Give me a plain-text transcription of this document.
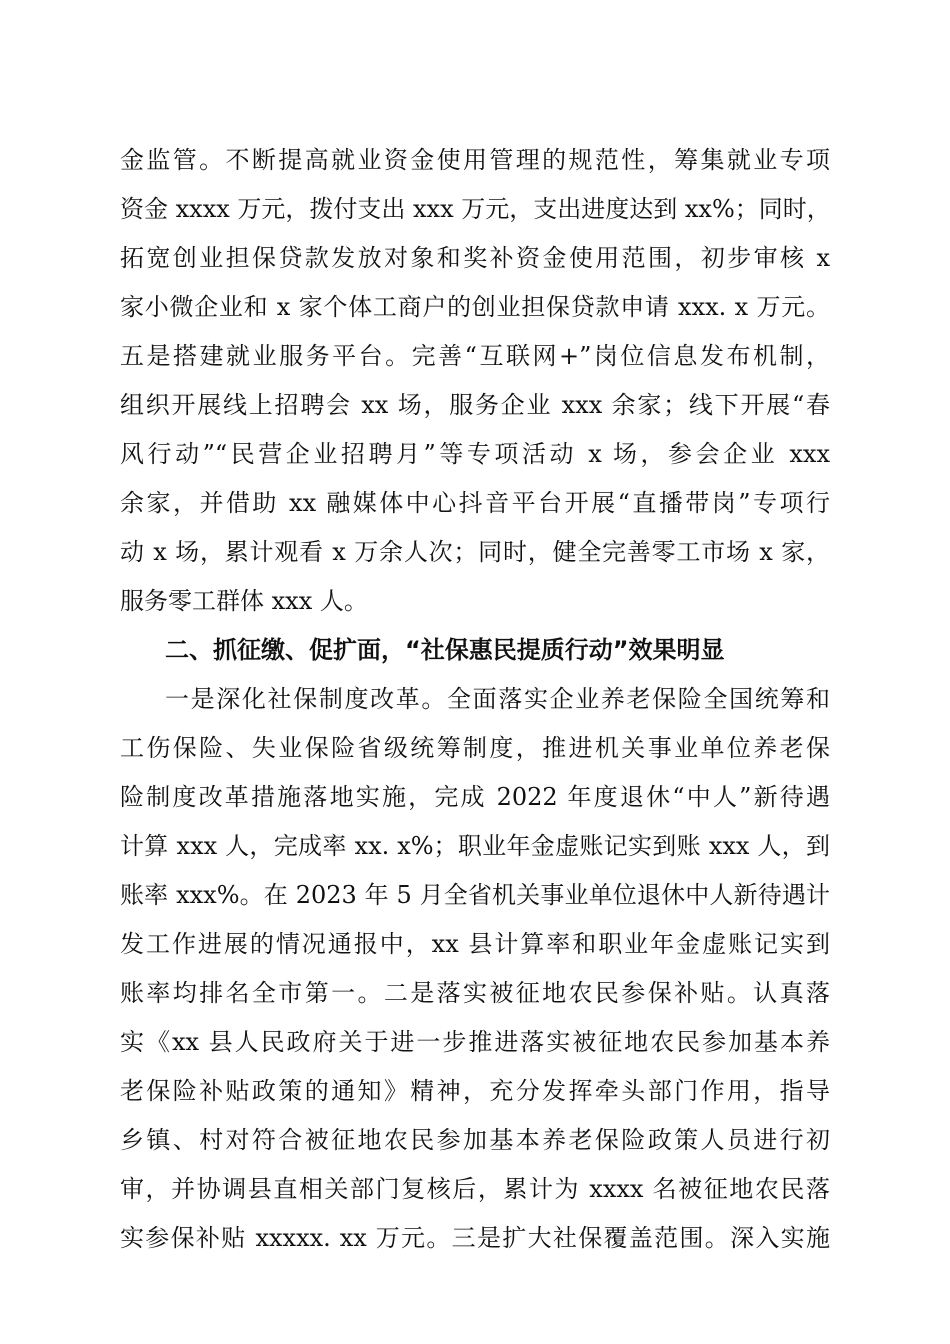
金监管。不断提高就业资金使用管理的规范性，筹集就业专项
资金 xxxx 万元，拨付支出 xxx 万元，支出进度达到 xx%；同时，
拓宽创业担保贷款发放对象和奖补资金使用范围，初步审核 x
家小微企业和 x 家个体工商户的创业担保贷款申请 xxx. x 万元。
五是搭建就业服务平台。完善“互联网+”岗位信息发布机制，
组织开展线上招聘会 xx 场，服务企业 xxx 余家；线下开展“春
风行动”“民营企业招聘月”等专项活动 x 场，参会企业 xxx
余家，并借助 xx 融媒体中心抖音平台开展“直播带岗”专项行
动 x 场，累计观看 x 万余人次；同时，健全完善零工市场 x 家，
服务零工群体 xxx 人。
二、抓征缴、促扩面，“社保惠民提质行动”效果明显
一是深化社保制度改革。全面落实企业养老保险全国统筹和
工伤保险、失业保险省级统筹制度，推进机关事业单位养老保
险制度改革措施落地实施，完成 2022 年度退休“中人”新待遇
计算 xxx 人，完成率 xx. x%；职业年金虚账记实到账 xxx 人，到
账率 xxx%。在 2023 年 5 月全省机关事业单位退休中人新待遇计
发工作进展的情况通报中，xx 县计算率和职业年金虚账记实到
账率均排名全市第一。二是落实被征地农民参保补贴。认真落
实《xx 县人民政府关于进一步推进落实被征地农民参加基本养
老保险补贴政策的通知》精神，充分发挥牵头部门作用，指导
乡镇、村对符合被征地农民参加基本养老保险政策人员进行初
审，并协调县直相关部门复核后，累计为 xxxx 名被征地农民落
实参保补贴 xxxxx. xx 万元。三是扩大社保覆盖范围。深入实施
